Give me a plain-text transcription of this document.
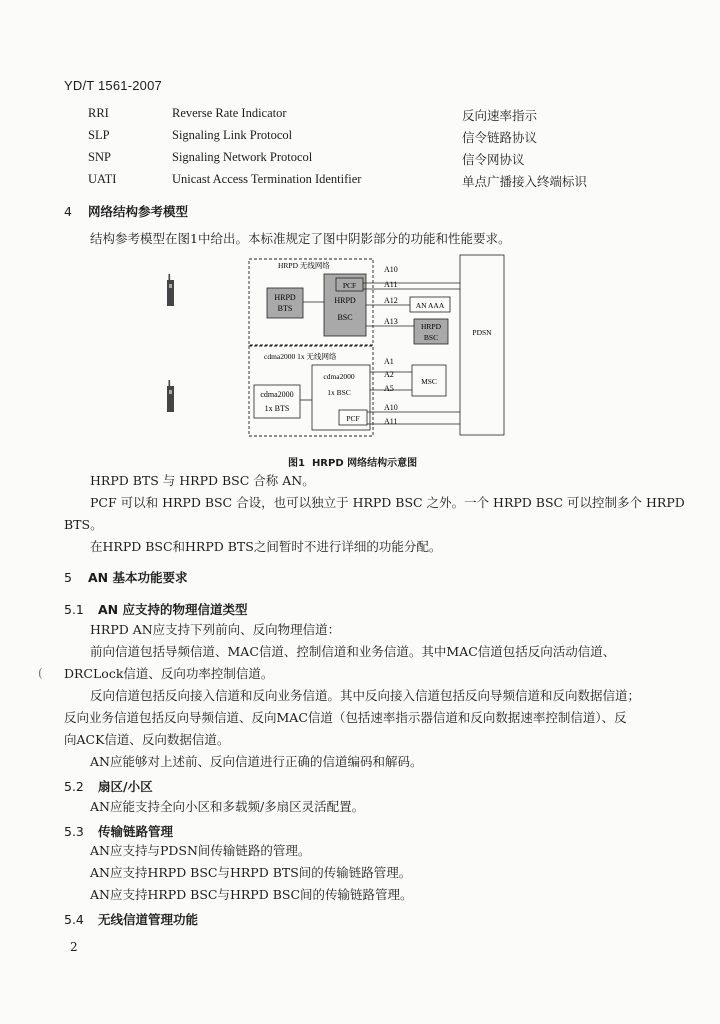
YD/T 1561-2007
RRI	Reverse Rate Indicator	反向速率指示
SLP	Signaling Link Protocol	信令链路协议
SNP	Signaling Network Protocol	信令网协议
UATI	Unicast Access Termination Identifier	单点广播接入终端标识
4 网络结构参考模型
结构参考模型在图1中给出。本标准规定了图中阴影部分的功能和性能要求。
HRPD 无线网络
HRPD
BTS
PCF
HRPD
BSC
A10
A11
A12
A13
AN AAA
HRPD
BSC
PDSN
cdma2000 1x 无线网络
cdma2000
1x BTS
cdma2000
1x BSC
PCF
MSC
A1
A2
A5
A10
A11
图1 HRPD 网络结构示意图
HRPD BTS 与 HRPD BSC 合称 AN。
PCF 可以和 HRPD BSC 合设，也可以独立于 HRPD BSC 之外。一个 HRPD BSC 可以控制多个 HRPD
BTS。
在HRPD BSC和HRPD BTS之间暂时不进行详细的功能分配。
5 AN 基本功能要求
5.1 AN 应支持的物理信道类型
HRPD AN应支持下列前向、反向物理信道：
前向信道包括导频信道、MAC信道、控制信道和业务信道。其中MAC信道包括反向活动信道、
DRCLock信道、反向功率控制信道。
反向信道包括反向接入信道和反向业务信道。其中反向接入信道包括反向导频信道和反向数据信道；
反向业务信道包括反向导频信道、反向MAC信道（包括速率指示器信道和反向数据速率控制信道）、反
向ACK信道、反向数据信道。
AN应能够对上述前、反向信道进行正确的信道编码和解码。
5.2 扇区/小区
AN应能支持全向小区和多载频/多扇区灵活配置。
5.3 传输链路管理
AN应支持与PDSN间传输链路的管理。
AN应支持HRPD BSC与HRPD BTS间的传输链路管理。
AN应支持HRPD BSC与HRPD BSC间的传输链路管理。
5.4 无线信道管理功能
2
(
